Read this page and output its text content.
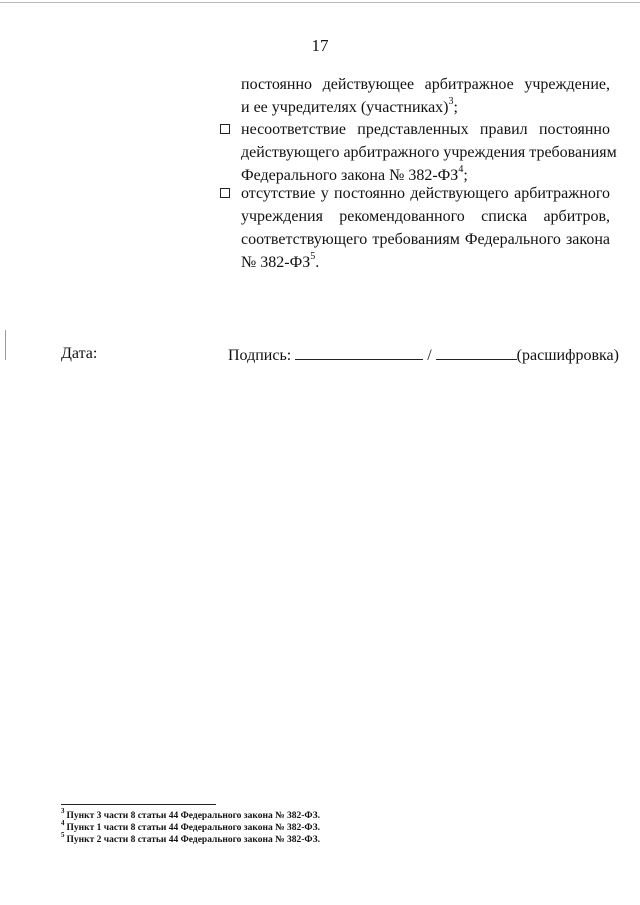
17
постоянно действующее арбитражное учреждение,
и ее учредителях (участниках)$^3$;
несоответствие представленных правил постоянно
действующего арбитражного учреждения требованиям
Федерального закона № $382-ФЗ^4$;
отсутствие у постоянно действующего арбитражного
учреждения рекомендованного списка арбитров,
соответствующего требованиям Федерального закона
№ $382-ФЗ^5$.
Дата:	Подпись:	/	(расшифровка)
$^3$Пункт 3 части 8 статьи 44 Федерального закона № 382-ФЗ.
$^4$Пункт 1 части 8 статьи 44 Федерального закона № 382-ФЗ.
$^5$Пункт 2 части 8 статьи 44 Федерального закона № 382-ФЗ.
